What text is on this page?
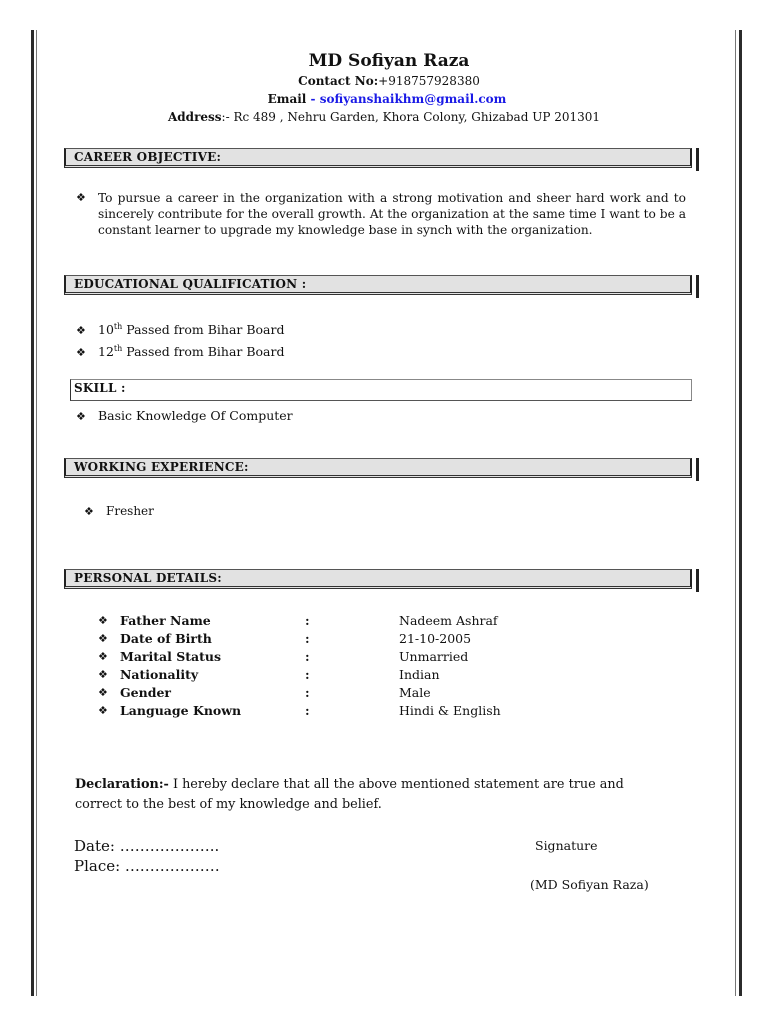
MD Sofiyan Raza

Contact No:+918757928380

Email - sofiyanshaikhm@gmail.com

Address:- Rc 489 , Nehru Garden, Khora Colony, Ghizabad UP 201301

CAREER OBJECTIVE:
❖ To pursue a career in the organization with a strong motivation and sheer hard work and to sincerely contribute for the overall growth. At the organization at the same time I want to be a constant learner to upgrade my knowledge base in synch with the organization.
EDUCATIONAL QUALIFICATION :
❖ 10th Passed from Bihar Board
❖ 12th Passed from Bihar Board
SKILL :
❖ Basic Knowledge Of Computer
WORKING EXPERIENCE:
❖ Fresher
PERSONAL DETAILS:
❖ Father Name	:	Nadeem Ashraf
❖ Date of Birth	:	21-10-2005
❖ Marital Status	:	Unmarried
❖ Nationality	:	Indian
❖ Gender	:	Male
❖ Language Known	:	Hindi & English
Declaration:- I hereby declare that all the above mentioned statement are true and correct to the best of my knowledge and belief.
Date: ………………..
Place: ….……………
Signature
(MD Sofiyan Raza)
